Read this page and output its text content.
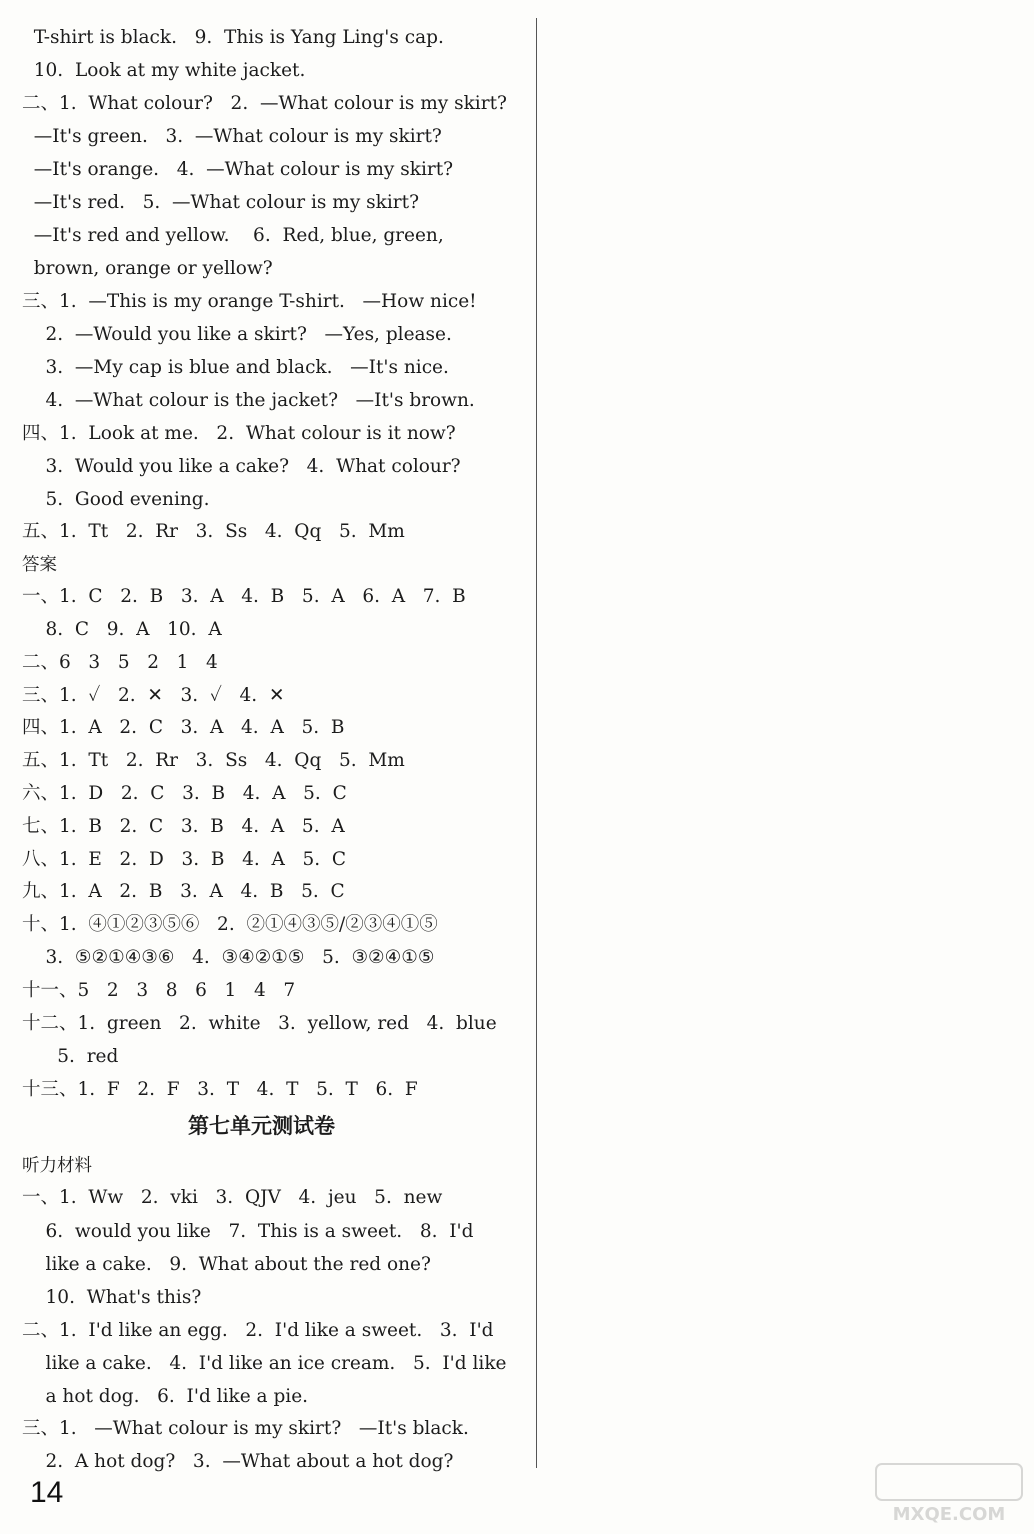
T-shirt is black.   9.  This is Yang Ling's cap.
10.  Look at my white jacket.
二、1.  What colour?   2.  —What colour is my skirt?
—It's green.   3.  —What colour is my skirt?
—It's orange.   4.  —What colour is my skirt?
—It's red.   5.  —What colour is my skirt?
—It's red and yellow.    6.  Red, blue, green,
brown, orange or yellow?
三、1.  —This is my orange T-shirt.   —How nice!
2.  —Would you like a skirt?   —Yes, please.
3.  —My cap is blue and black.   —It's nice.
4.  —What colour is the jacket?   —It's brown.
四、1.  Look at me.   2.  What colour is it now?
3.  Would you like a cake?   4.  What colour?
5.  Good evening.
五、1.  Tt   2.  Rr   3.  Ss   4.  Qq   5.  Mm
答案
一、1.  C   2.  B   3.  A   4.  B   5.  A   6.  A   7.  B
8.  C   9.  A   10.  A
二、6   3   5   2   1   4
三、1.  ✓   2.  ✕   3.  ✓   4.  ✕
四、1.  A   2.  C   3.  A   4.  A   5.  B
五、1.  Tt   2.  Rr   3.  Ss   4.  Qq   5.  Mm
六、1.  D   2.  C   3.  B   4.  A   5.  C
七、1.  B   2.  C   3.  B   4.  A   5.  A
八、1.  E   2.  D   3.  B   4.  A   5.  C
九、1.  A   2.  B   3.  A   4.  B   5.  C
十、1.  ④①②③⑤⑥   2.  ②①④③⑤/②③④①⑤
3.  ⑤②①④③⑥   4.  ③④②①⑤   5.  ③②④①⑤
十一、5   2   3   8   6   1   4   7
十二、1.  green   2.  white   3.  yellow, red   4.  blue
5.  red
十三、1.  F   2.  F   3.  T   4.  T   5.  T   6.  F
第七单元测试卷
听力材料
一、1.  Ww   2.  vki   3.  QJV   4.  jeu   5.  new
6.  would you like   7.  This is a sweet.   8.  I'd
like a cake.   9.  What about the red one?
10.  What's this?
二、1.  I'd like an egg.   2.  I'd like a sweet.   3.  I'd
like a cake.   4.  I'd like an ice cream.   5.  I'd like
a hot dog.   6.  I'd like a pie.
三、1.   —What colour is my skirt?   —It's black.
2.  A hot dog?   3.  —What about a hot dog?
14
MXQE.COM
